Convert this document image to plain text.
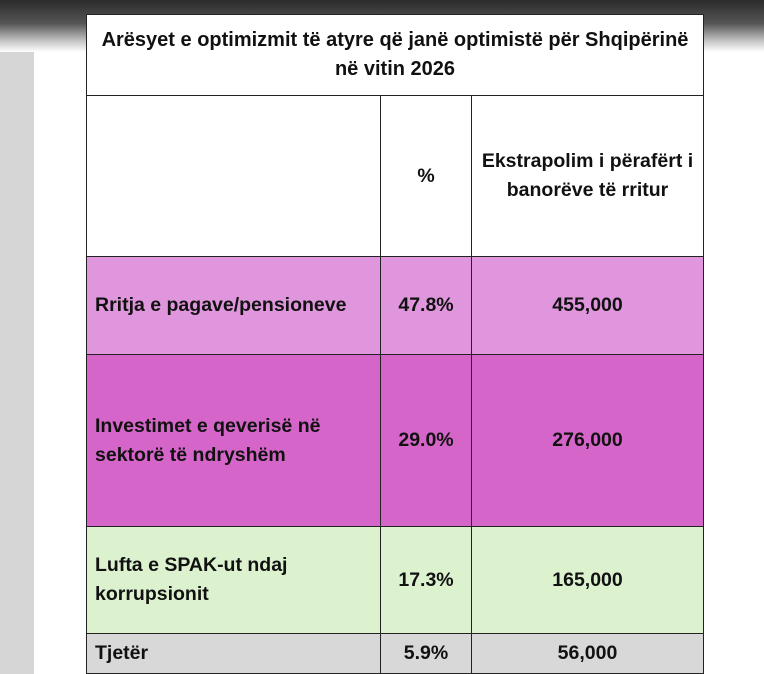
Arësyet e optimizmit të atyre që janë optimistë për Shqipërinë në vitin 2026		
	%	Ekstrapolim i përafërt i banorëve të rritur
Rritja e pagave/pensioneve	47.8%	455,000
Investimet e qeverisë në sektorë të ndryshëm	29.0%	276,000
Lufta e SPAK-ut ndaj korrupsionit	17.3%	165,000
Tjetër	5.9%	56,000
